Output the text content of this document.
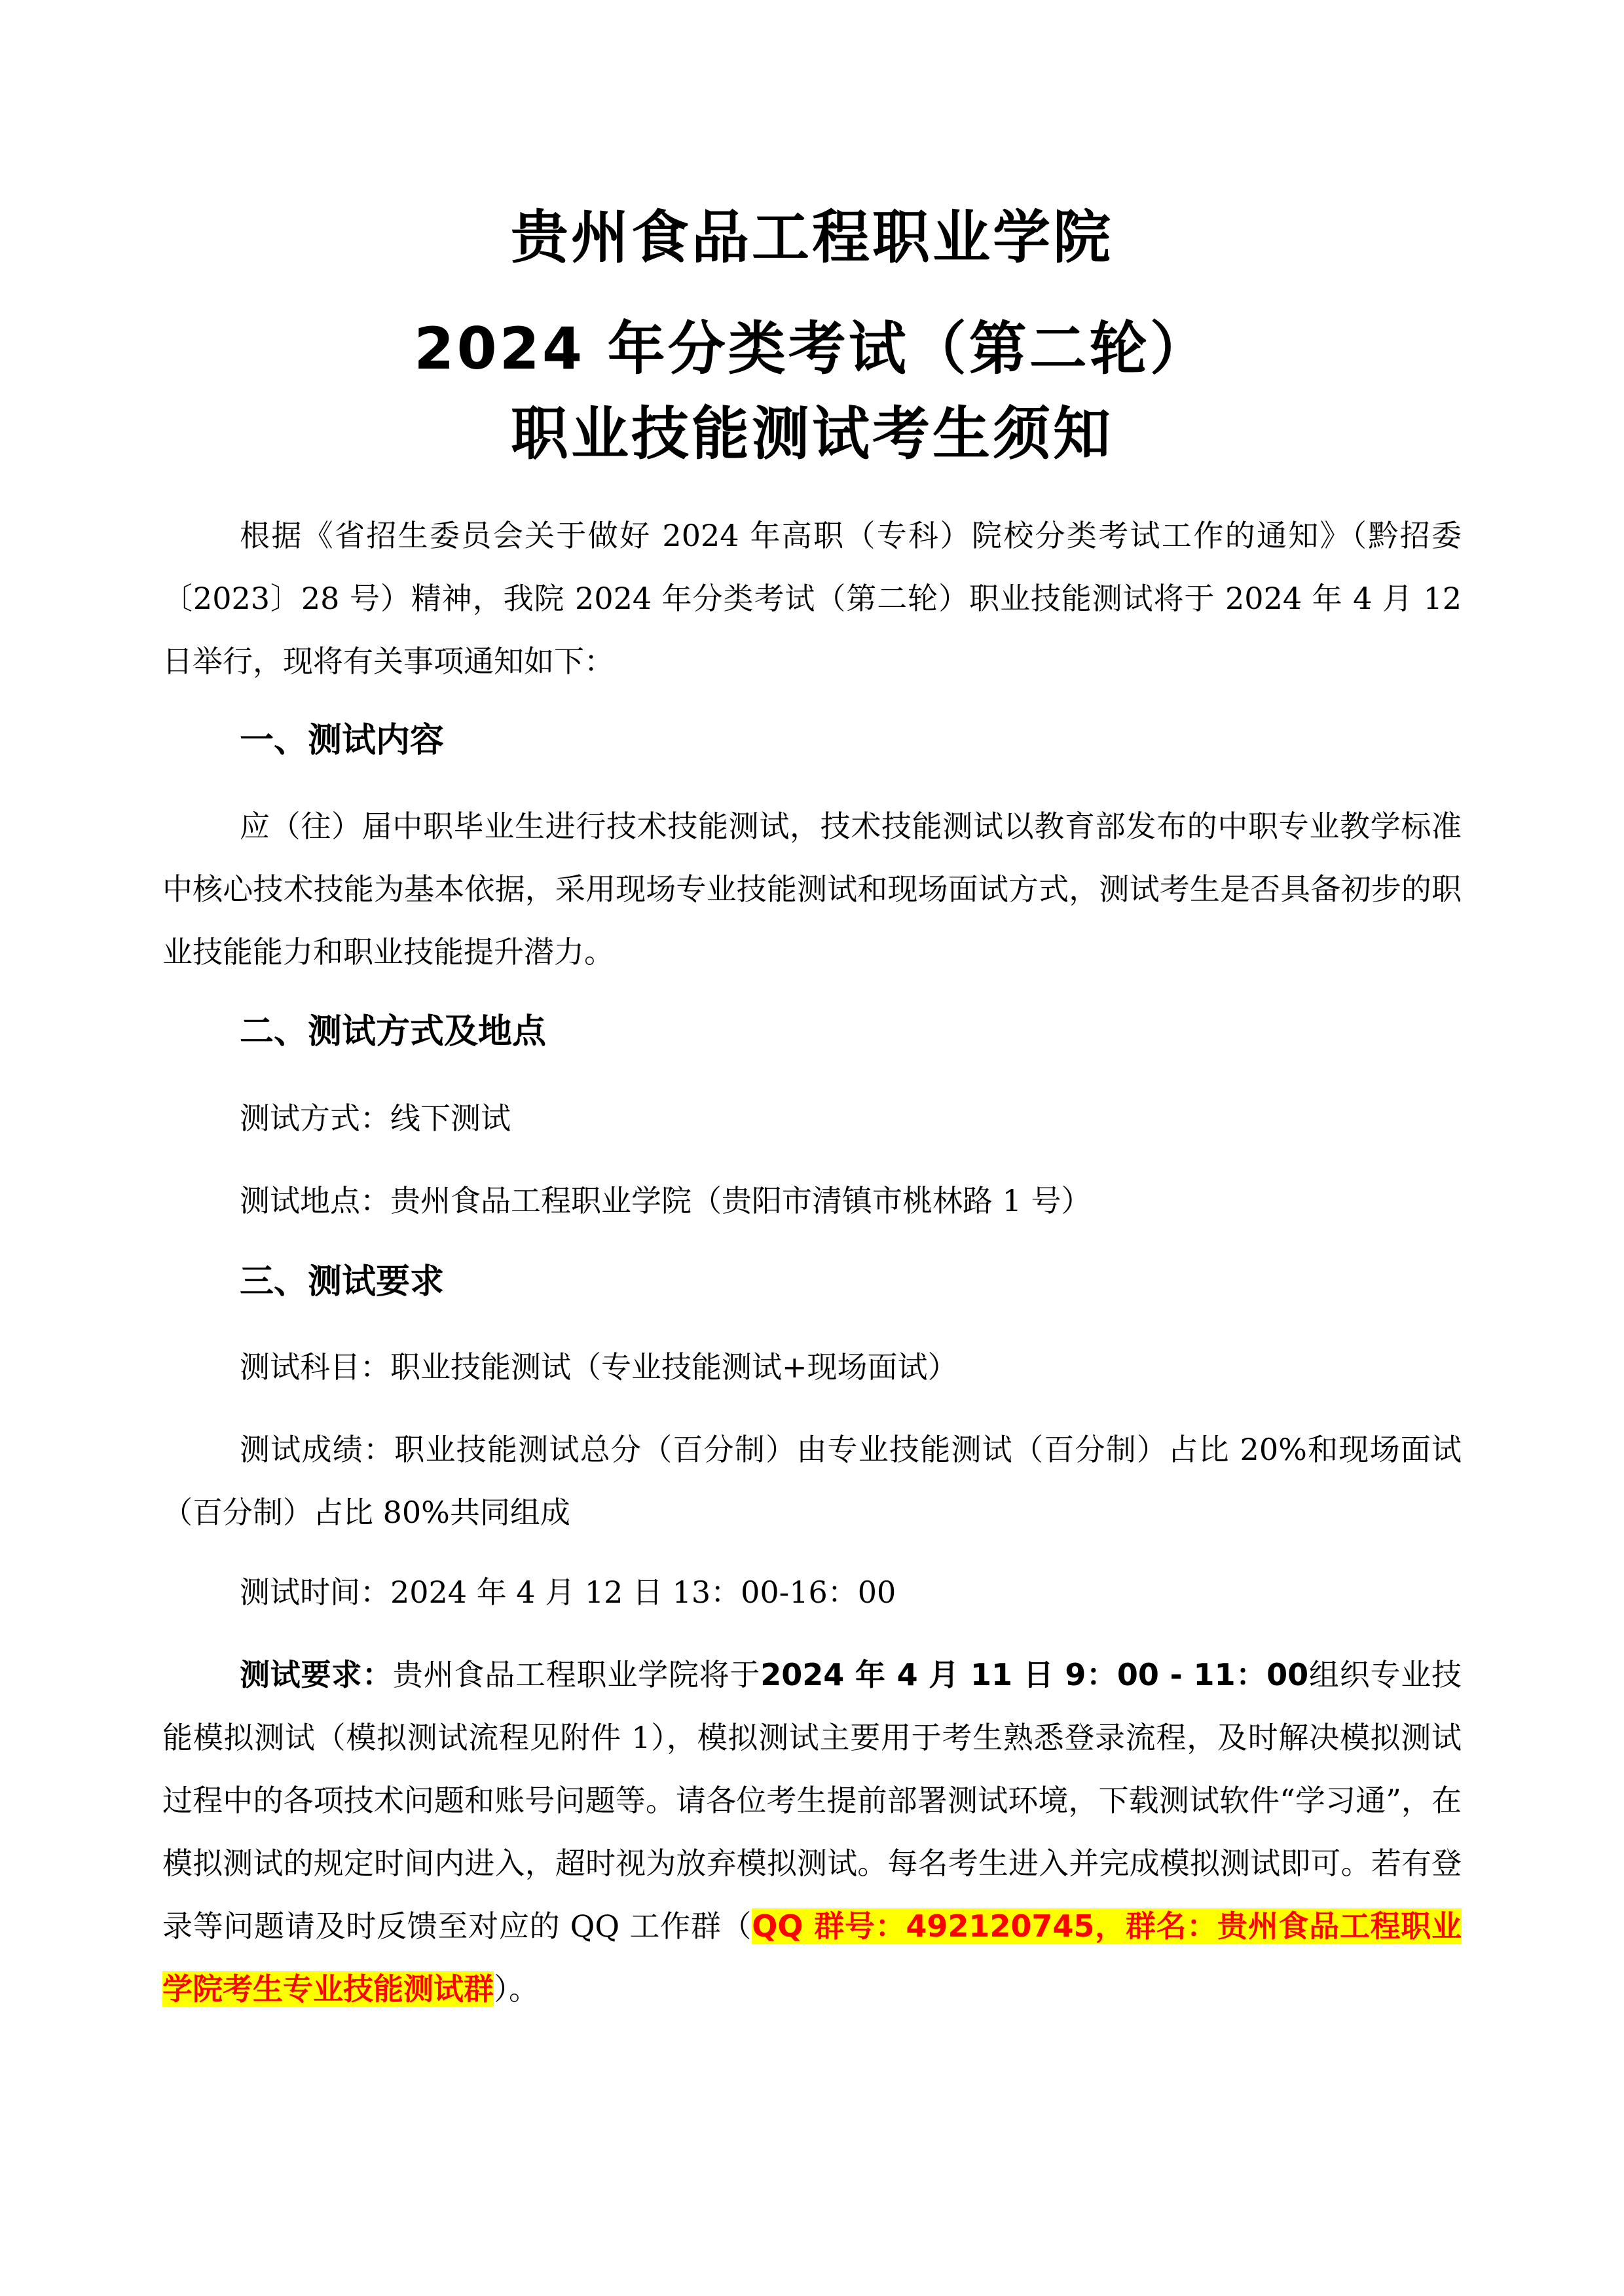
贵州食品工程职业学院
2024 年分类考试（第二轮）
职业技能测试考生须知
根据《省招生委员会关于做好 2024 年高职（专科）院校分类考试工作的通知》（黔招委〔2023〕28 号）精神，我院 2024 年分类考试（第二轮）职业技能测试将于 2024 年 4 月 12 日举行，现将有关事项通知如下：
一、测试内容
应（往）届中职毕业生进行技术技能测试，技术技能测试以教育部发布的中职专业教学标准中核心技术技能为基本依据，采用现场专业技能测试和现场面试方式，测试考生是否具备初步的职业技能能力和职业技能提升潜力。
二、测试方式及地点
测试方式：线下测试
测试地点：贵州食品工程职业学院（贵阳市清镇市桃林路 1 号）
三、测试要求
测试科目：职业技能测试（专业技能测试+现场面试）
测试成绩：职业技能测试总分（百分制）由专业技能测试（百分制）占比 20%和现场面试（百分制）占比 80%共同组成
测试时间：2024 年 4 月 12 日 13：00-16：00
测试要求：贵州食品工程职业学院将于2024 年 4 月 11 日 9：00 - 11：00组织专业技能模拟测试（模拟测试流程见附件 1），模拟测试主要用于考生熟悉登录流程，及时解决模拟测试过程中的各项技术问题和账号问题等。请各位考生提前部署测试环境，下载测试软件“学习通”，在模拟测试的规定时间内进入，超时视为放弃模拟测试。每名考生进入并完成模拟测试即可。若有登录等问题请及时反馈至对应的 QQ 工作群（QQ 群号：492120745，群名：贵州食品工程职业学院考生专业技能测试群）。
